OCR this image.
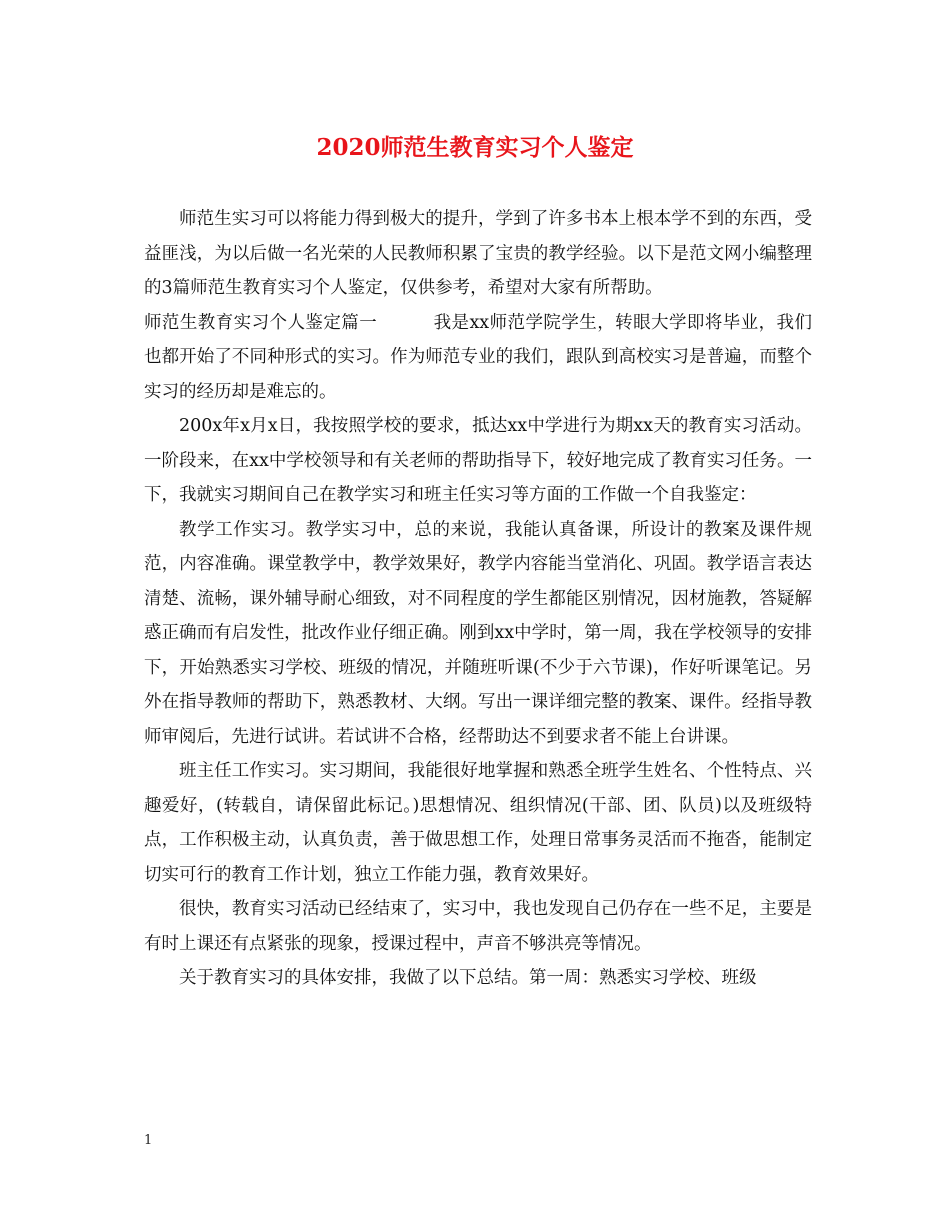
2020师范生教育实习个人鉴定

师范生实习可以将能力得到极大的提升，学到了许多书本上根本学不到的东西，受益匪浅，为以后做一名光荣的人民教师积累了宝贵的教学经验。以下是范文网小编整理的3篇师范生教育实习个人鉴定，仅供参考，希望对大家有所帮助。
师范生教育实习个人鉴定篇一	我是xx师范学院学生，转眼大学即将毕业，我们也都开始了不同种形式的实习。作为师范专业的我们，跟队到高校实习是普遍，而整个实习的经历却是难忘的。

200x年x月x日，我按照学校的要求，抵达xx中学进行为期xx天的教育实习活动。一阶段来，在xx中学校领导和有关老师的帮助指导下，较好地完成了教育实习任务。一下，我就实习期间自己在教学实习和班主任实习等方面的工作做一个自我鉴定：

教学工作实习。教学实习中，总的来说，我能认真备课，所设计的教案及课件规范，内容准确。课堂教学中，教学效果好，教学内容能当堂消化、巩固。教学语言表达清楚、流畅，课外辅导耐心细致，对不同程度的学生都能区别情况，因材施教，答疑解惑正确而有启发性，批改作业仔细正确。刚到xx中学时，第一周，我在学校领导的安排下，开始熟悉实习学校、班级的情况，并随班听课(不少于六节课)，作好听课笔记。另外在指导教师的帮助下，熟悉教材、大纲。写出一课详细完整的教案、课件。经指导教师审阅后，先进行试讲。若试讲不合格，经帮助达不到要求者不能上台讲课。

班主任工作实习。实习期间，我能很好地掌握和熟悉全班学生姓名、个性特点、兴趣爱好，(转载自，请保留此标记。)思想情况、组织情况(干部、团、队员)以及班级特点，工作积极主动，认真负责，善于做思想工作，处理日常事务灵活而不拖沓，能制定切实可行的教育工作计划，独立工作能力强，教育效果好。

很快，教育实习活动已经结束了，实习中，我也发现自己仍存在一些不足，主要是有时上课还有点紧张的现象，授课过程中，声音不够洪亮等情况。

关于教育实习的具体安排，我做了以下总结。第一周：熟悉实习学校、班级

1
